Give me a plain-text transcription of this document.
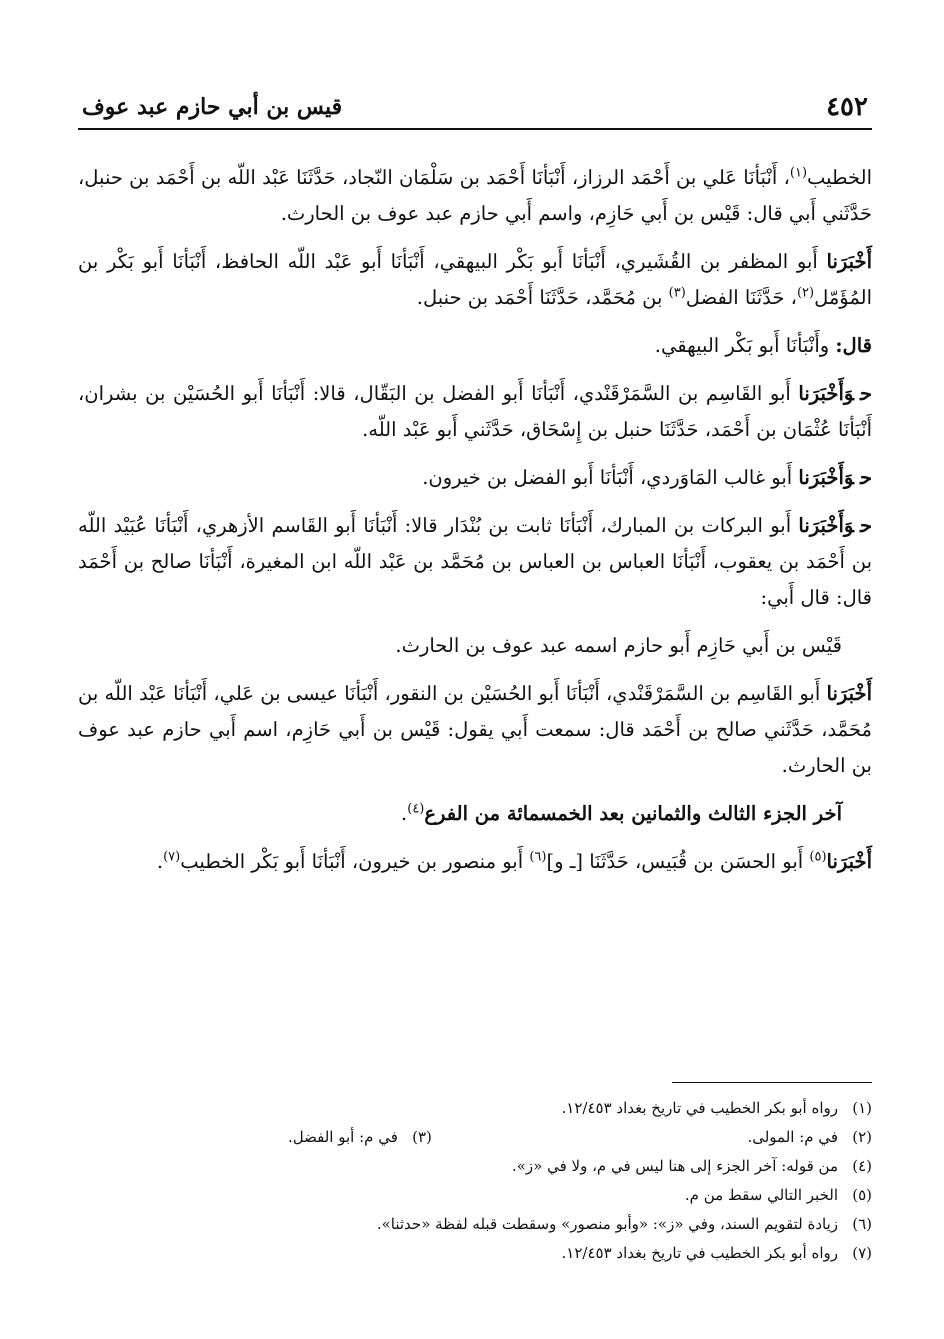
٤٥٢
قيس بن أبي حازم عبد عوف

الخطيب$^{(١)}$، أَنْبَأنَا عَلي بن أَحْمَد الرزاز، أَنْبَأنَا أَحْمَد بن سَلْمَان النّجاد، حَدَّثَنَا عَبْد اللّه بن أَحْمَد بن حنبل، حَدَّثَني أَبي قال: قَيْس بن أَبي حَازِم، واسم أَبي حازم عبد عوف بن الحارث.

أَخْبَرَنا أَبو المظفر بن القُشَيري، أَنْبَأنَا أَبو بَكْر البيهقي، أَنْبَأنَا أَبو عَبْد اللّه الحافظ، أَنْبَأنَا أَبو بَكْر بن المُؤَمّل$^{(٢)}$، حَدَّثَنَا الفضل$^{(٣)}$ بن مُحَمَّد، حَدَّثَنَا أَحْمَد بن حنبل.

قال: وأَنْبَأنَا أَبو بَكْر البيهقي.

حوَأَخْبَرَنا أَبو القَاسِم بن السَّمَرْقَنْدي، أَنْبَأنَا أَبو الفضل بن البَقّال، قالا: أَنْبَأنَا أَبو الحُسَيْن بن بشران، أَنْبَأنَا عُثْمَان بن أَحْمَد، حَدَّثَنَا حنبل بن إِسْحَاق، حَدَّثَني أَبو عَبْد اللّه.

حوَأَخْبَرَنا أَبو غالب المَاوَردي، أَنْبَأنَا أَبو الفضل بن خيرون.

حوَأَخْبَرَنا أَبو البركات بن المبارك، أَنْبَأنَا ثابت بن بُنْدَار قالا: أَنْبَأنَا أَبو القَاسم الأزهري، أَنْبَأنَا عُبَيْد اللّه بن أَحْمَد بن يعقوب، أَنْبَأنَا العباس بن العباس بن مُحَمَّد بن عَبْد اللّه ابن المغيرة، أَنْبَأنَا صالح بن أَحْمَد قال: قال أَبي:

قَيْس بن أَبي حَازِم أَبو حازم اسمه عبد عوف بن الحارث.

أَخْبَرَنا أَبو القَاسِم بن السَّمَرْقَنْدي، أَنْبَأنَا أَبو الحُسَيْن بن النقور، أَنْبَأنَا عيسى بن عَلي، أَنْبَأنَا عَبْد اللّه بن مُحَمَّد، حَدَّثَني صالح بن أَحْمَد قال: سمعت أَبي يقول: قَيْس بن أَبي حَازِم، اسم أَبي حازم عبد عوف بن الحارث.

آخر الجزء الثالث والثمانين بعد الخمسمائة من الفرع$^{(٤)}$.

أَخْبَرَنا$^{(٥)}$ أَبو الحسَن بن قُبَيس، حَدَّثَنَا [ـ و]$^{(٦)}$ أَبو منصور بن خيرون، أَنْبَأنَا أَبو بَكْر الخطيب$^{(٧)}$.

(١)رواه أبو بكر الخطيب في تاريخ بغداد ١٢/٤٥٣.
(٢)في م: المولى.
(٣)في م: أبو الفضل.
(٤)من قوله: آخر الجزء إلى هنا ليس في م، ولا في «ز».
(٥)الخبر التالي سقط من م.
(٦)زيادة لتقويم السند، وفي «ز»: «وأبو منصور» وسقطت قبله لفظة «حدثنا».
(٧)رواه أبو بكر الخطيب في تاريخ بغداد ١٢/٤٥٣.
